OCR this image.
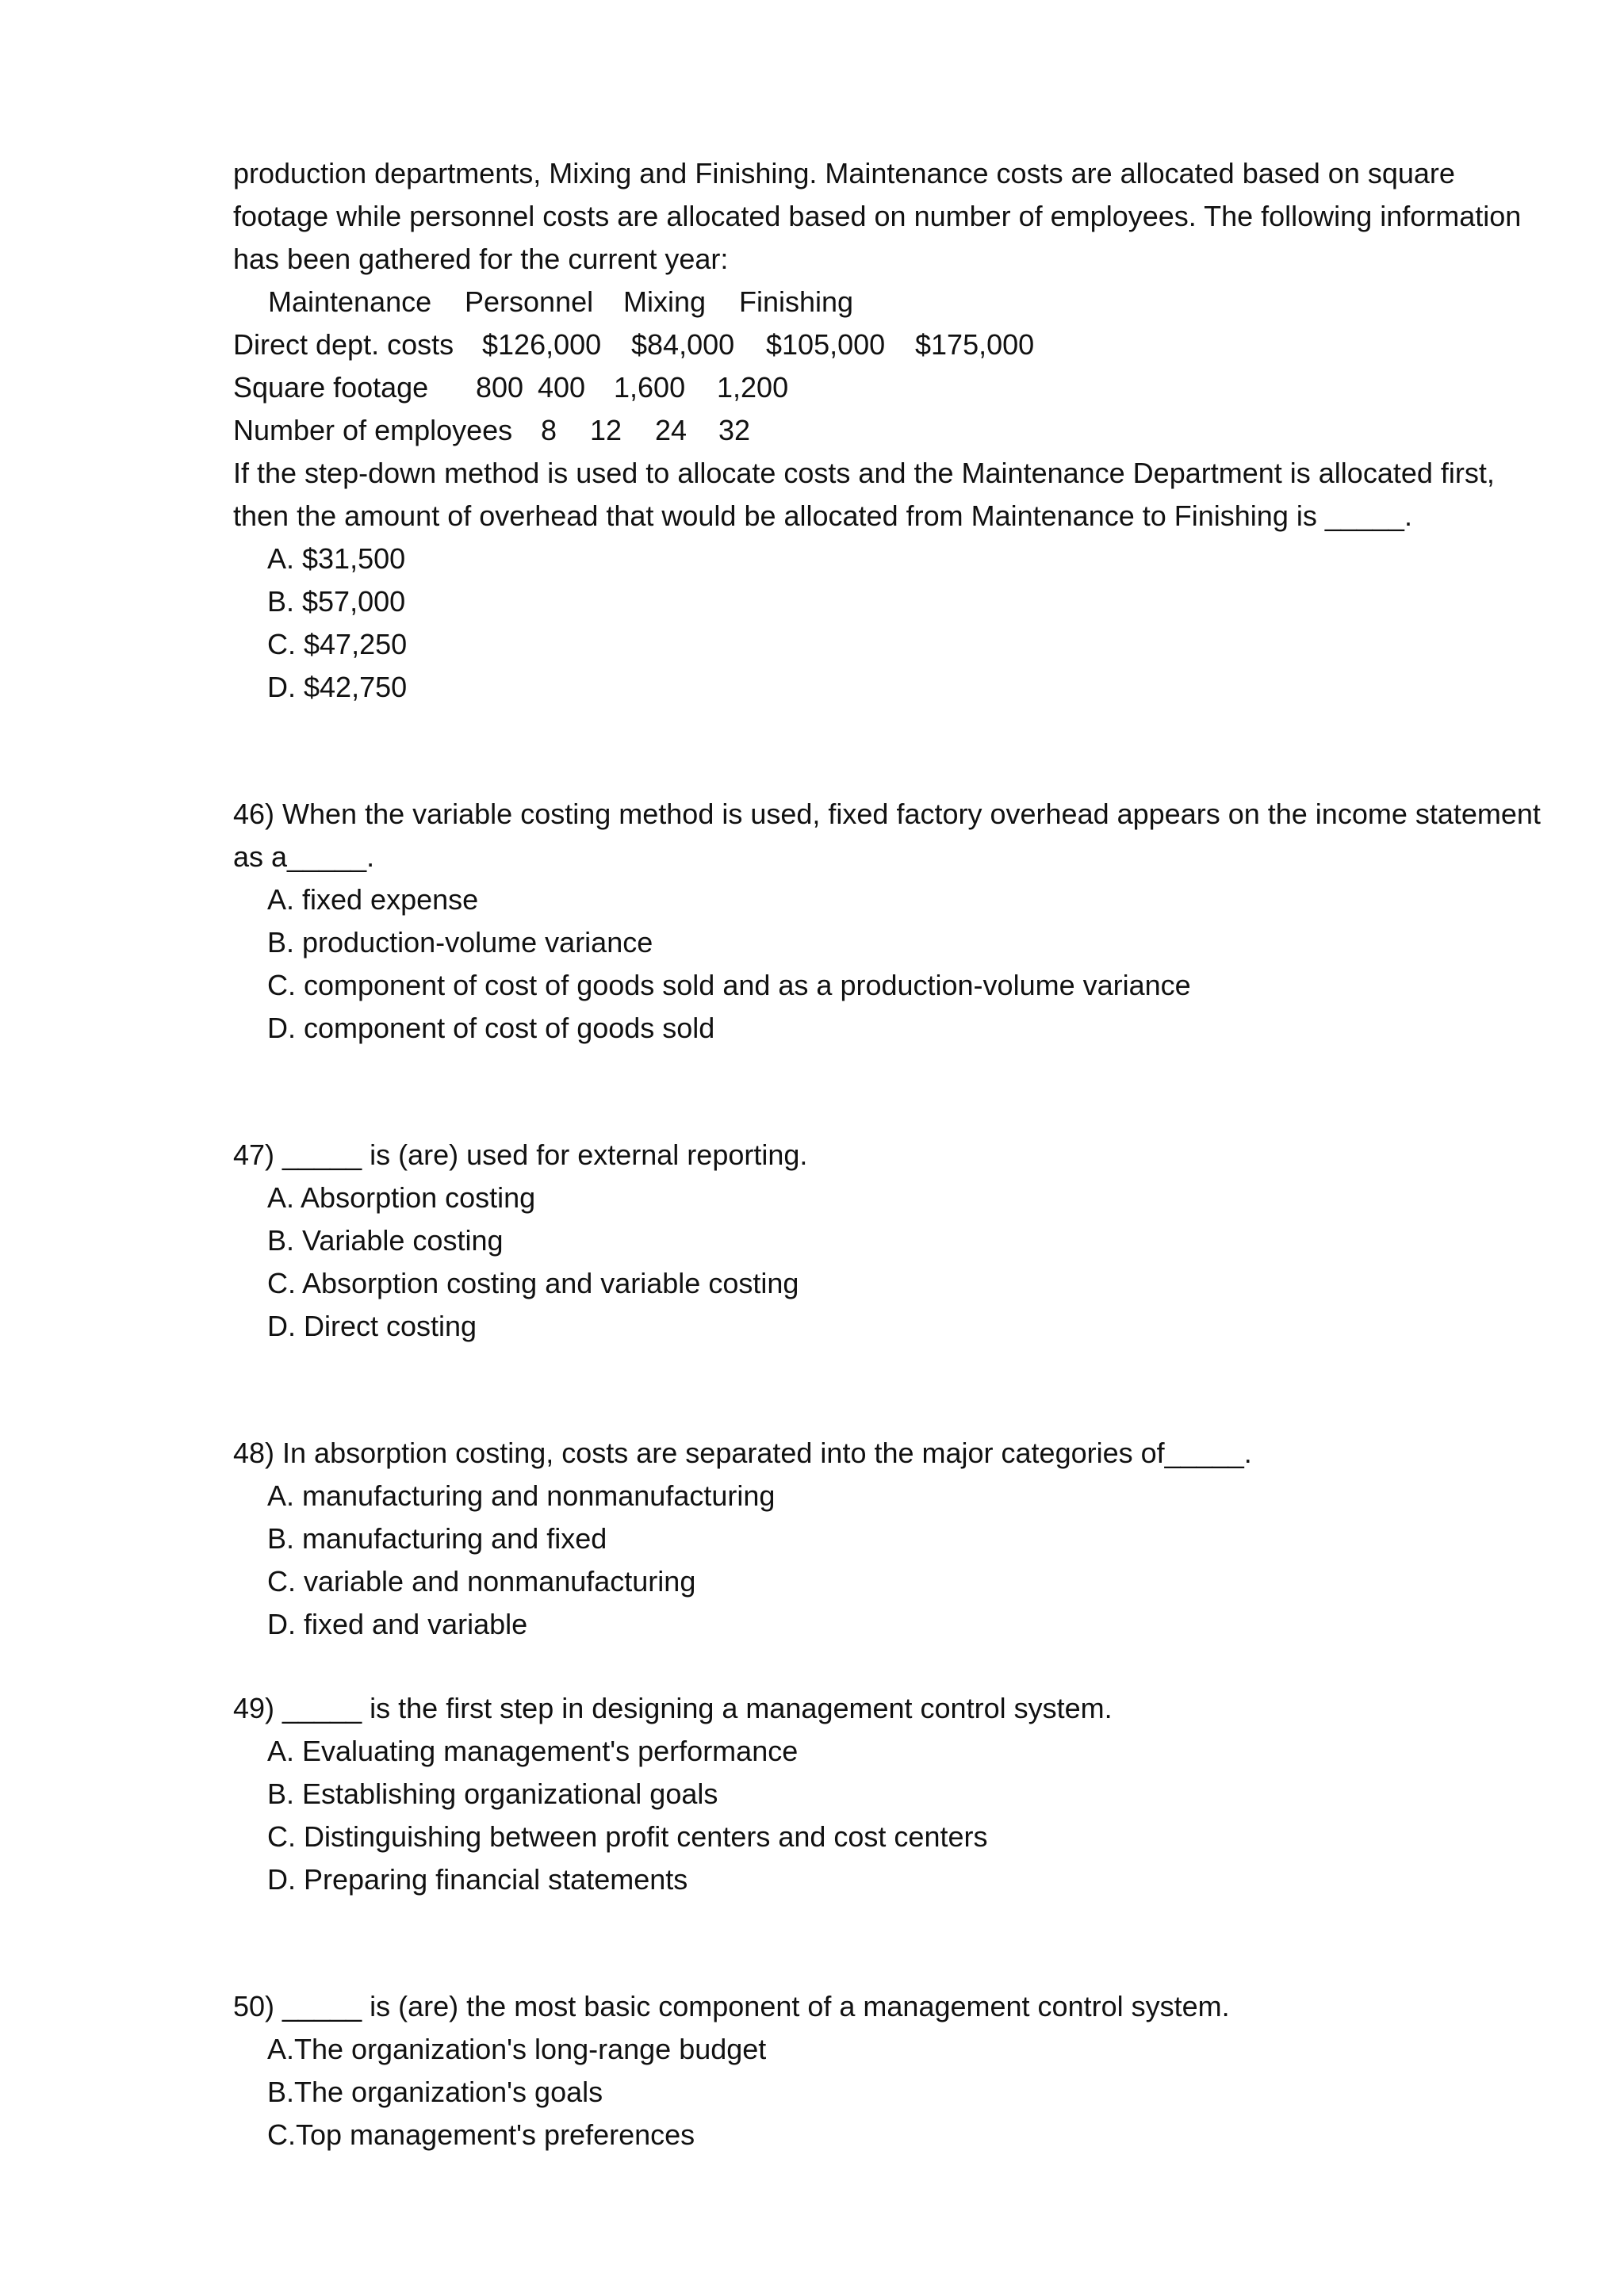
production departments, Mixing and Finishing. Maintenance costs are allocated based on square
footage while personnel costs are allocated based on number of employees. The following information
has been gathered for the current year:

Maintenance

Personnel

Mixing

Finishing

Direct dept. costs

$126,000

$84,000

$105,000

$175,000

Square footage

800

400

1,600

1,200

Number of employees

8

12

24

32

If the step-down method is used to allocate costs and the Maintenance Department is allocated first,
then the amount of overhead that would be allocated from Maintenance to Finishing is _____.
A. $31,500
B. $57,000
C. $47,250
D. $42,750
46) When the variable costing method is used, fixed factory overhead appears on the income statement
as a_____.
A. fixed expense
B. production-volume variance
C. component of cost of goods sold and as a production-volume variance
D. component of cost of goods sold
47) _____ is (are) used for external reporting.
A. Absorption costing
B. Variable costing
C. Absorption costing and variable costing
D. Direct costing
48) In absorption costing, costs are separated into the major categories of_____.
A. manufacturing and nonmanufacturing
B. manufacturing and fixed
C. variable and nonmanufacturing
D. fixed and variable
49) _____ is the first step in designing a management control system.
A. Evaluating management's performance
B. Establishing organizational goals
C. Distinguishing between profit centers and cost centers
D. Preparing financial statements
50) _____ is (are) the most basic component of a management control system.
A.The organization's long-range budget
B.The organization's goals
C.Top management's preferences
